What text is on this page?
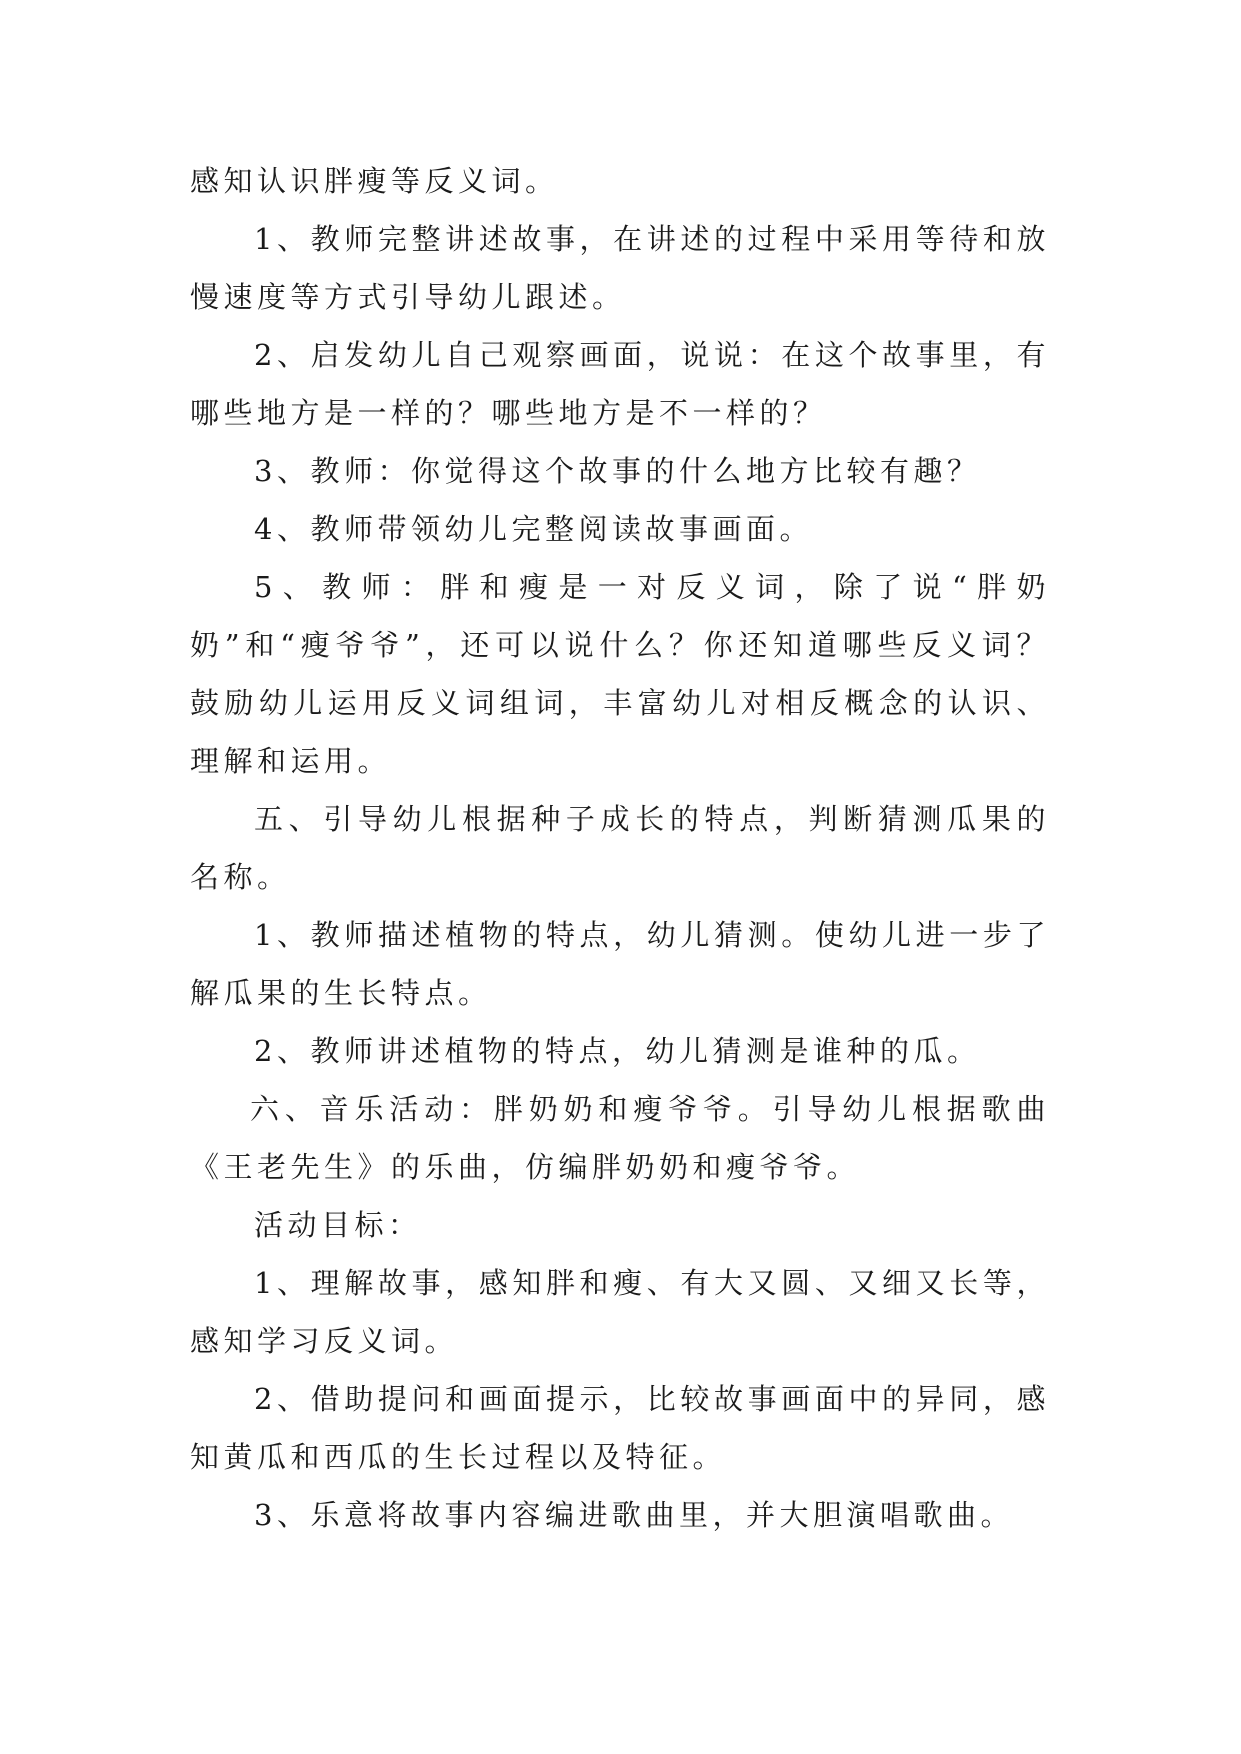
感知认识胖瘦等反义词。

1、教师完整讲述故事，在讲述的过程中采用等待和放慢速度等方式引导幼儿跟述。

2、启发幼儿自己观察画面，说说：在这个故事里，有哪些地方是一样的？哪些地方是不一样的？

3、教师：你觉得这个故事的什么地方比较有趣？

4、教师带领幼儿完整阅读故事画面。

5、教师：胖和瘦是一对反义词，除了说“胖奶奶”和“瘦爷爷”，还可以说什么？你还知道哪些反义词？鼓励幼儿运用反义词组词，丰富幼儿对相反概念的认识、理解和运用。

五、引导幼儿根据种子成长的特点，判断猜测瓜果的名称。

1、教师描述植物的特点，幼儿猜测。使幼儿进一步了解瓜果的生长特点。

2、教师讲述植物的特点，幼儿猜测是谁种的瓜。

六、音乐活动：胖奶奶和瘦爷爷。引导幼儿根据歌曲《王老先生》的乐曲，仿编胖奶奶和瘦爷爷。

活动目标：

1、理解故事，感知胖和瘦、有大又圆、又细又长等，感知学习反义词。

2、借助提问和画面提示，比较故事画面中的异同，感知黄瓜和西瓜的生长过程以及特征。

3、乐意将故事内容编进歌曲里，并大胆演唱歌曲。
